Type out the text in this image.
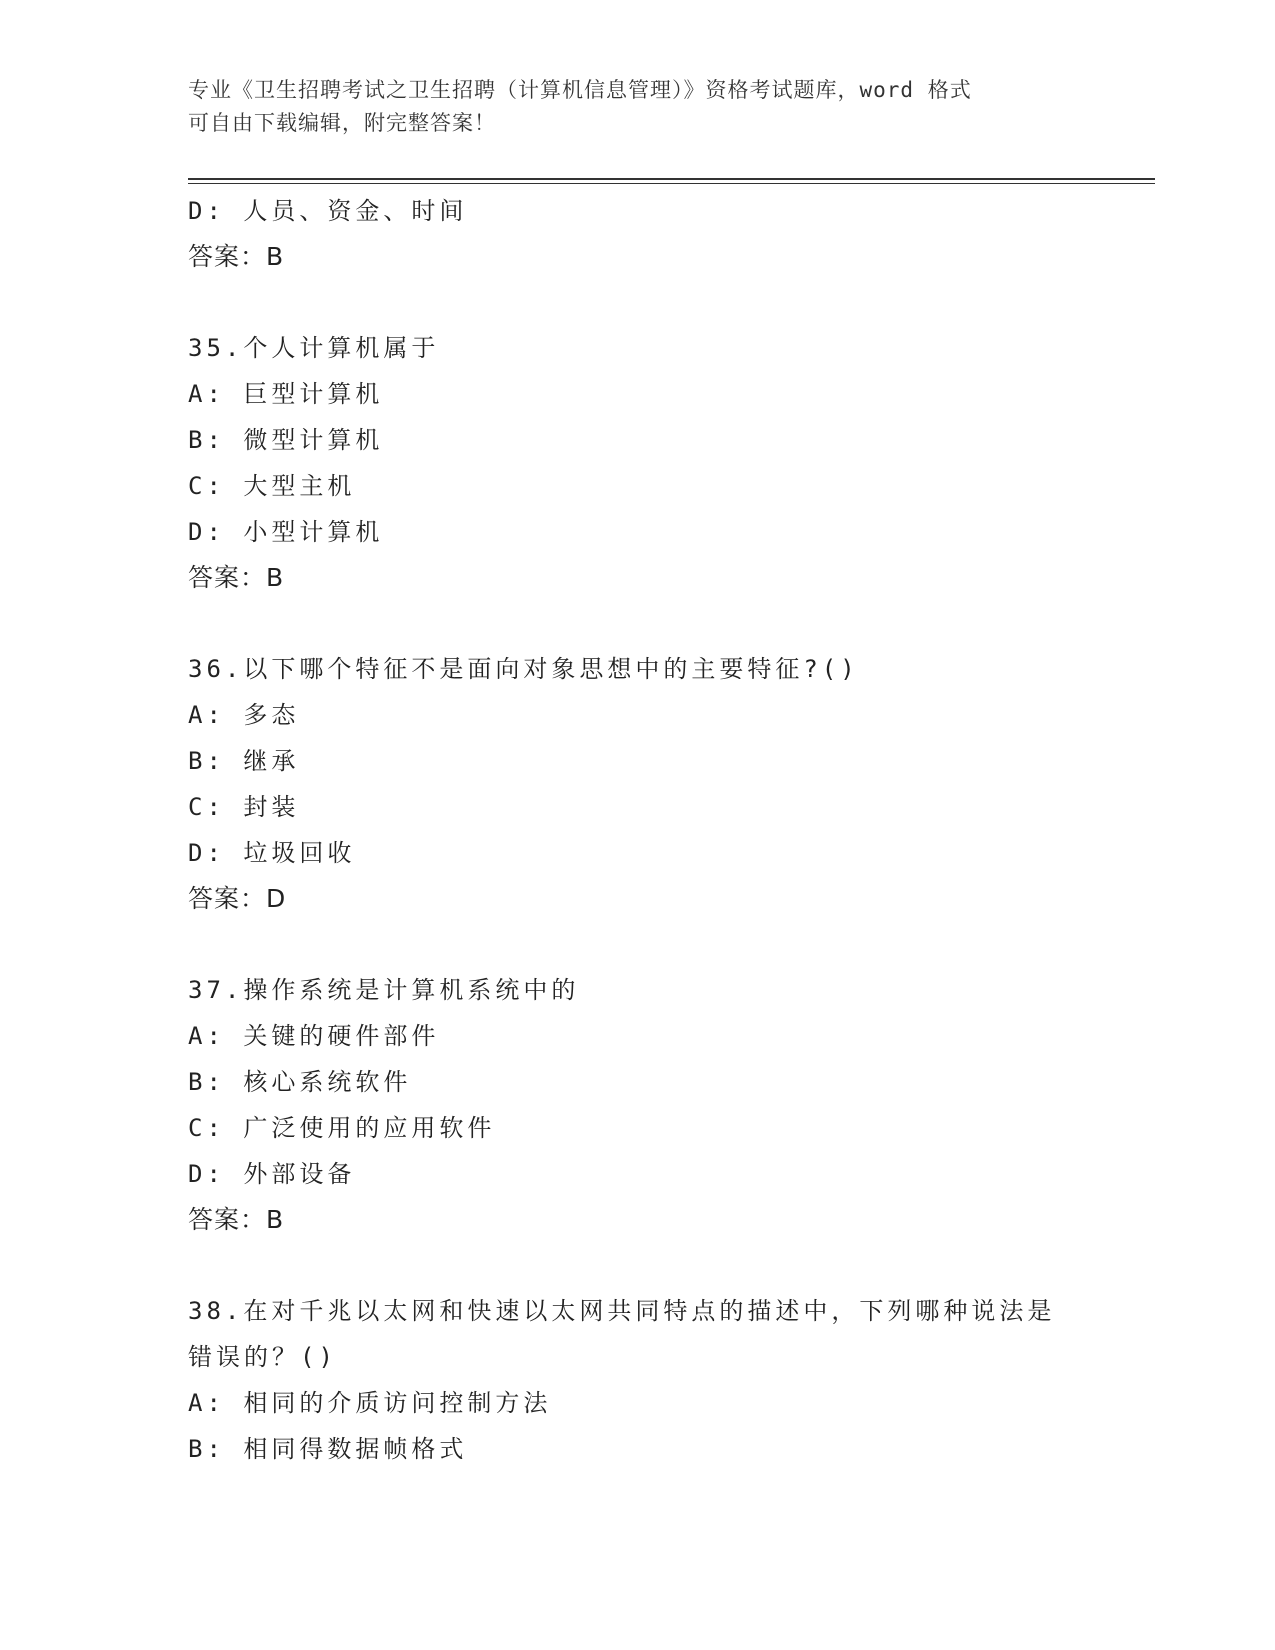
专业《卫生招聘考试之卫生招聘（计算机信息管理）》资格考试题库，word 格式
可自由下载编辑，附完整答案！
D: 人员、资金、时间
答案：B
35.个人计算机属于
A: 巨型计算机
B: 微型计算机
C: 大型主机
D: 小型计算机
答案：B
36.以下哪个特征不是面向对象思想中的主要特征?()
A: 多态
B: 继承
C: 封装
D: 垃圾回收
答案：D
37.操作系统是计算机系统中的
A: 关键的硬件部件
B: 核心系统软件
C: 广泛使用的应用软件
D: 外部设备
答案：B
38.在对千兆以太网和快速以太网共同特点的描述中，下列哪种说法是
错误的？()
A: 相同的介质访问控制方法
B: 相同得数据帧格式
